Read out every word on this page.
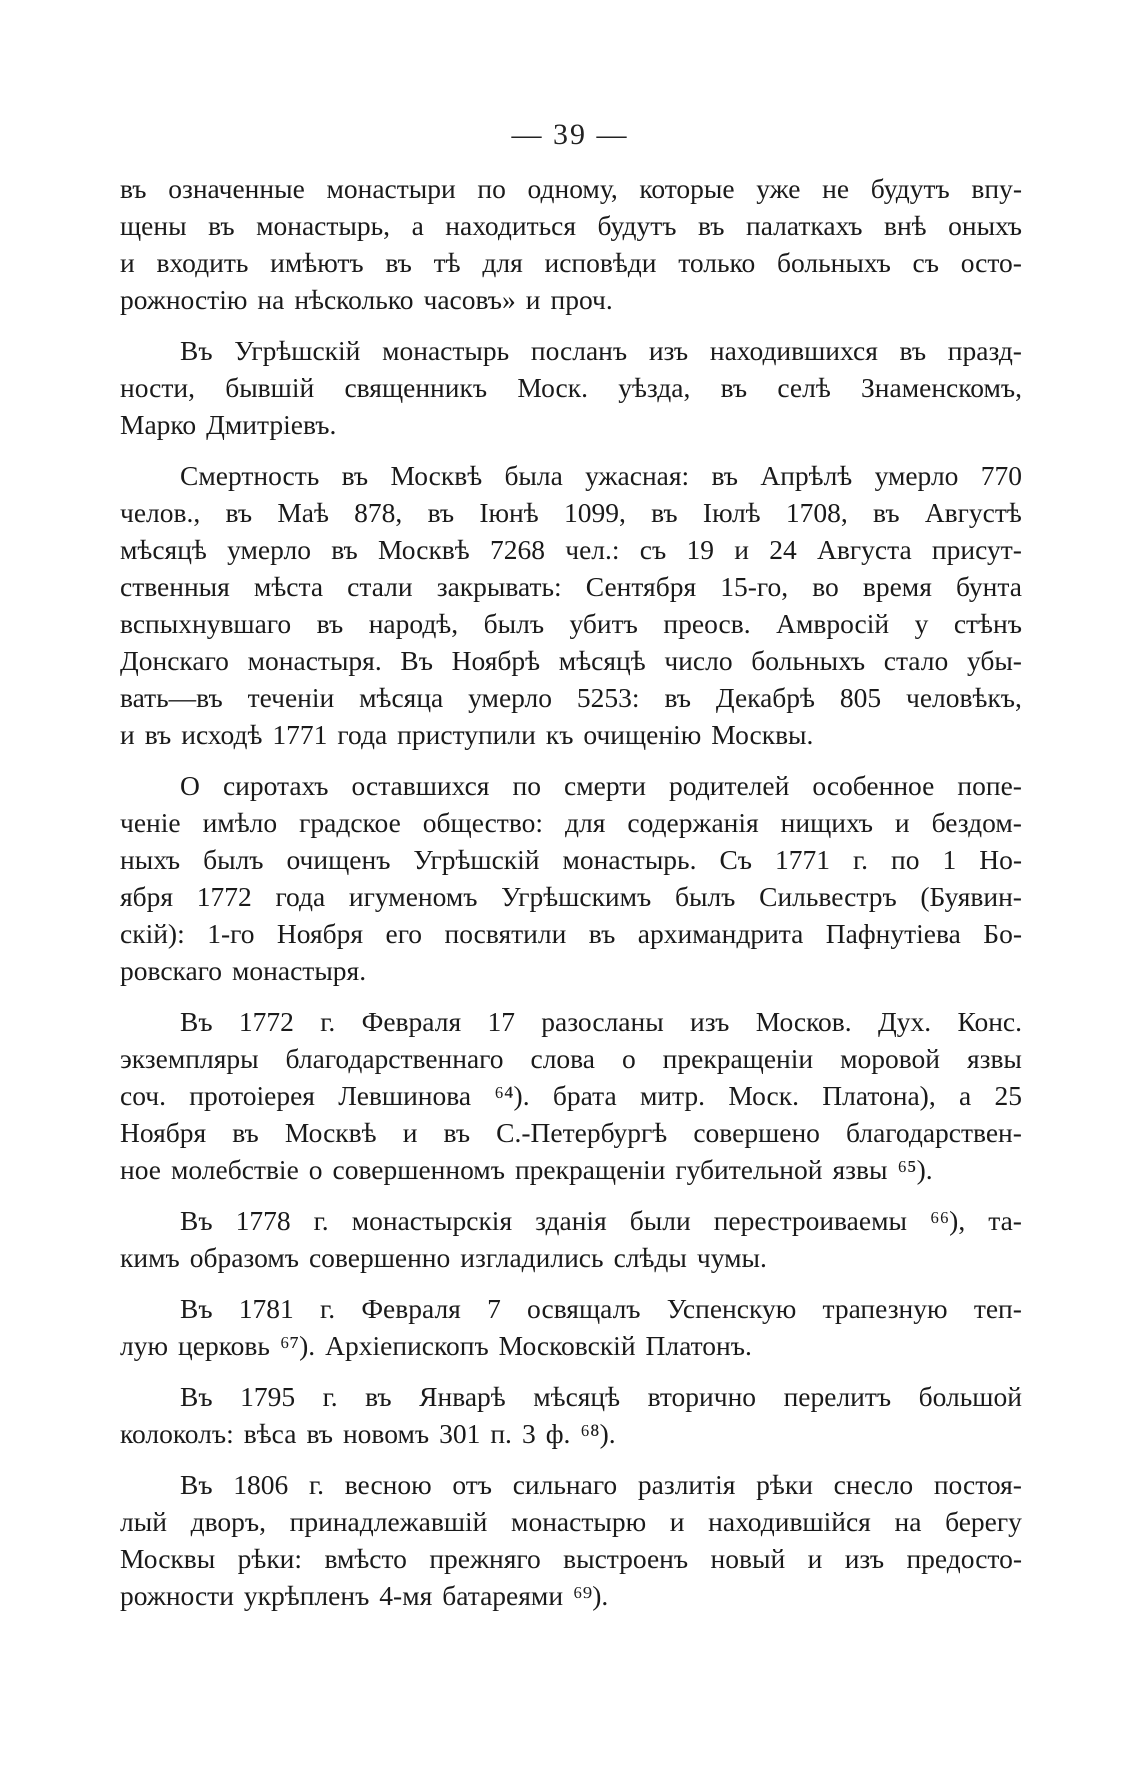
— 39 —
въ означенные монастыри по одному, которые уже не будутъ впу-
щены въ монастырь, а находиться будутъ въ палаткахъ внѣ оныхъ
и входить имѣютъ въ тѣ для исповѣди только больныхъ съ осто-
рожностію на нѣсколько часовъ» и проч.
Въ Угрѣшскій монастырь посланъ изъ находившихся въ празд-
ности, бывшій священникъ Моск. уѣзда, въ селѣ Знаменскомъ,
Марко Дмитріевъ.
Смертность въ Москвѣ была ужасная: въ Апрѣлѣ умерло 770
челов., въ Маѣ 878, въ Іюнѣ 1099, въ Іюлѣ 1708, въ Августѣ
мѣсяцѣ умерло въ Москвѣ 7268 чел.: съ 19 и 24 Августа присут-
ственныя мѣста стали закрывать: Сентября 15-го, во время бунта
вспыхнувшаго въ народѣ, былъ убитъ преосв. Амвросій у стѣнъ
Донскаго монастыря. Въ Ноябрѣ мѣсяцѣ число больныхъ стало убы-
вать—въ теченіи мѣсяца умерло 5253: въ Декабрѣ 805 человѣкъ,
и въ исходѣ 1771 года приступили къ очищенію Москвы.
О сиротахъ оставшихся по смерти родителей особенное попе-
ченіе имѣло градское общество: для содержанія нищихъ и бездом-
ныхъ былъ очищенъ Угрѣшскій монастырь. Съ 1771 г. по 1 Но-
ября 1772 года игуменомъ Угрѣшскимъ былъ Сильвестръ (Буявин-
скій): 1-го Ноября его посвятили въ архимандрита Пафнутіева Бо-
ровскаго монастыря.
Въ 1772 г. Февраля 17 разосланы изъ Москов. Дух. Конс.
экземпляры благодарственнаго слова о прекращеніи моровой язвы
соч. протоіерея Левшинова ⁶⁴). брата митр. Моск. Платона), а 25
Ноября въ Москвѣ и въ С.-Петербургѣ совершено благодарствен-
ное молебствіе о совершенномъ прекращеніи губительной язвы ⁶⁵).
Въ 1778 г. монастырскія зданія были перестроиваемы ⁶⁶), та-
кимъ образомъ совершенно изгладились слѣды чумы.
Въ 1781 г. Февраля 7 освящалъ Успенскую трапезную теп-
лую церковь ⁶⁷). Архіепископъ Московскій Платонъ.
Въ 1795 г. въ Январѣ мѣсяцѣ вторично перелитъ большой
колоколъ: вѣса въ новомъ 301 п. 3 ф. ⁶⁸).
Въ 1806 г. весною отъ сильнаго разлитія рѣки снесло постоя-
лый дворъ, принадлежавшій монастырю и находившійся на берегу
Москвы рѣки: вмѣсто прежняго выстроенъ новый и изъ предосто-
рожности укрѣпленъ 4-мя батареями ⁶⁹).
